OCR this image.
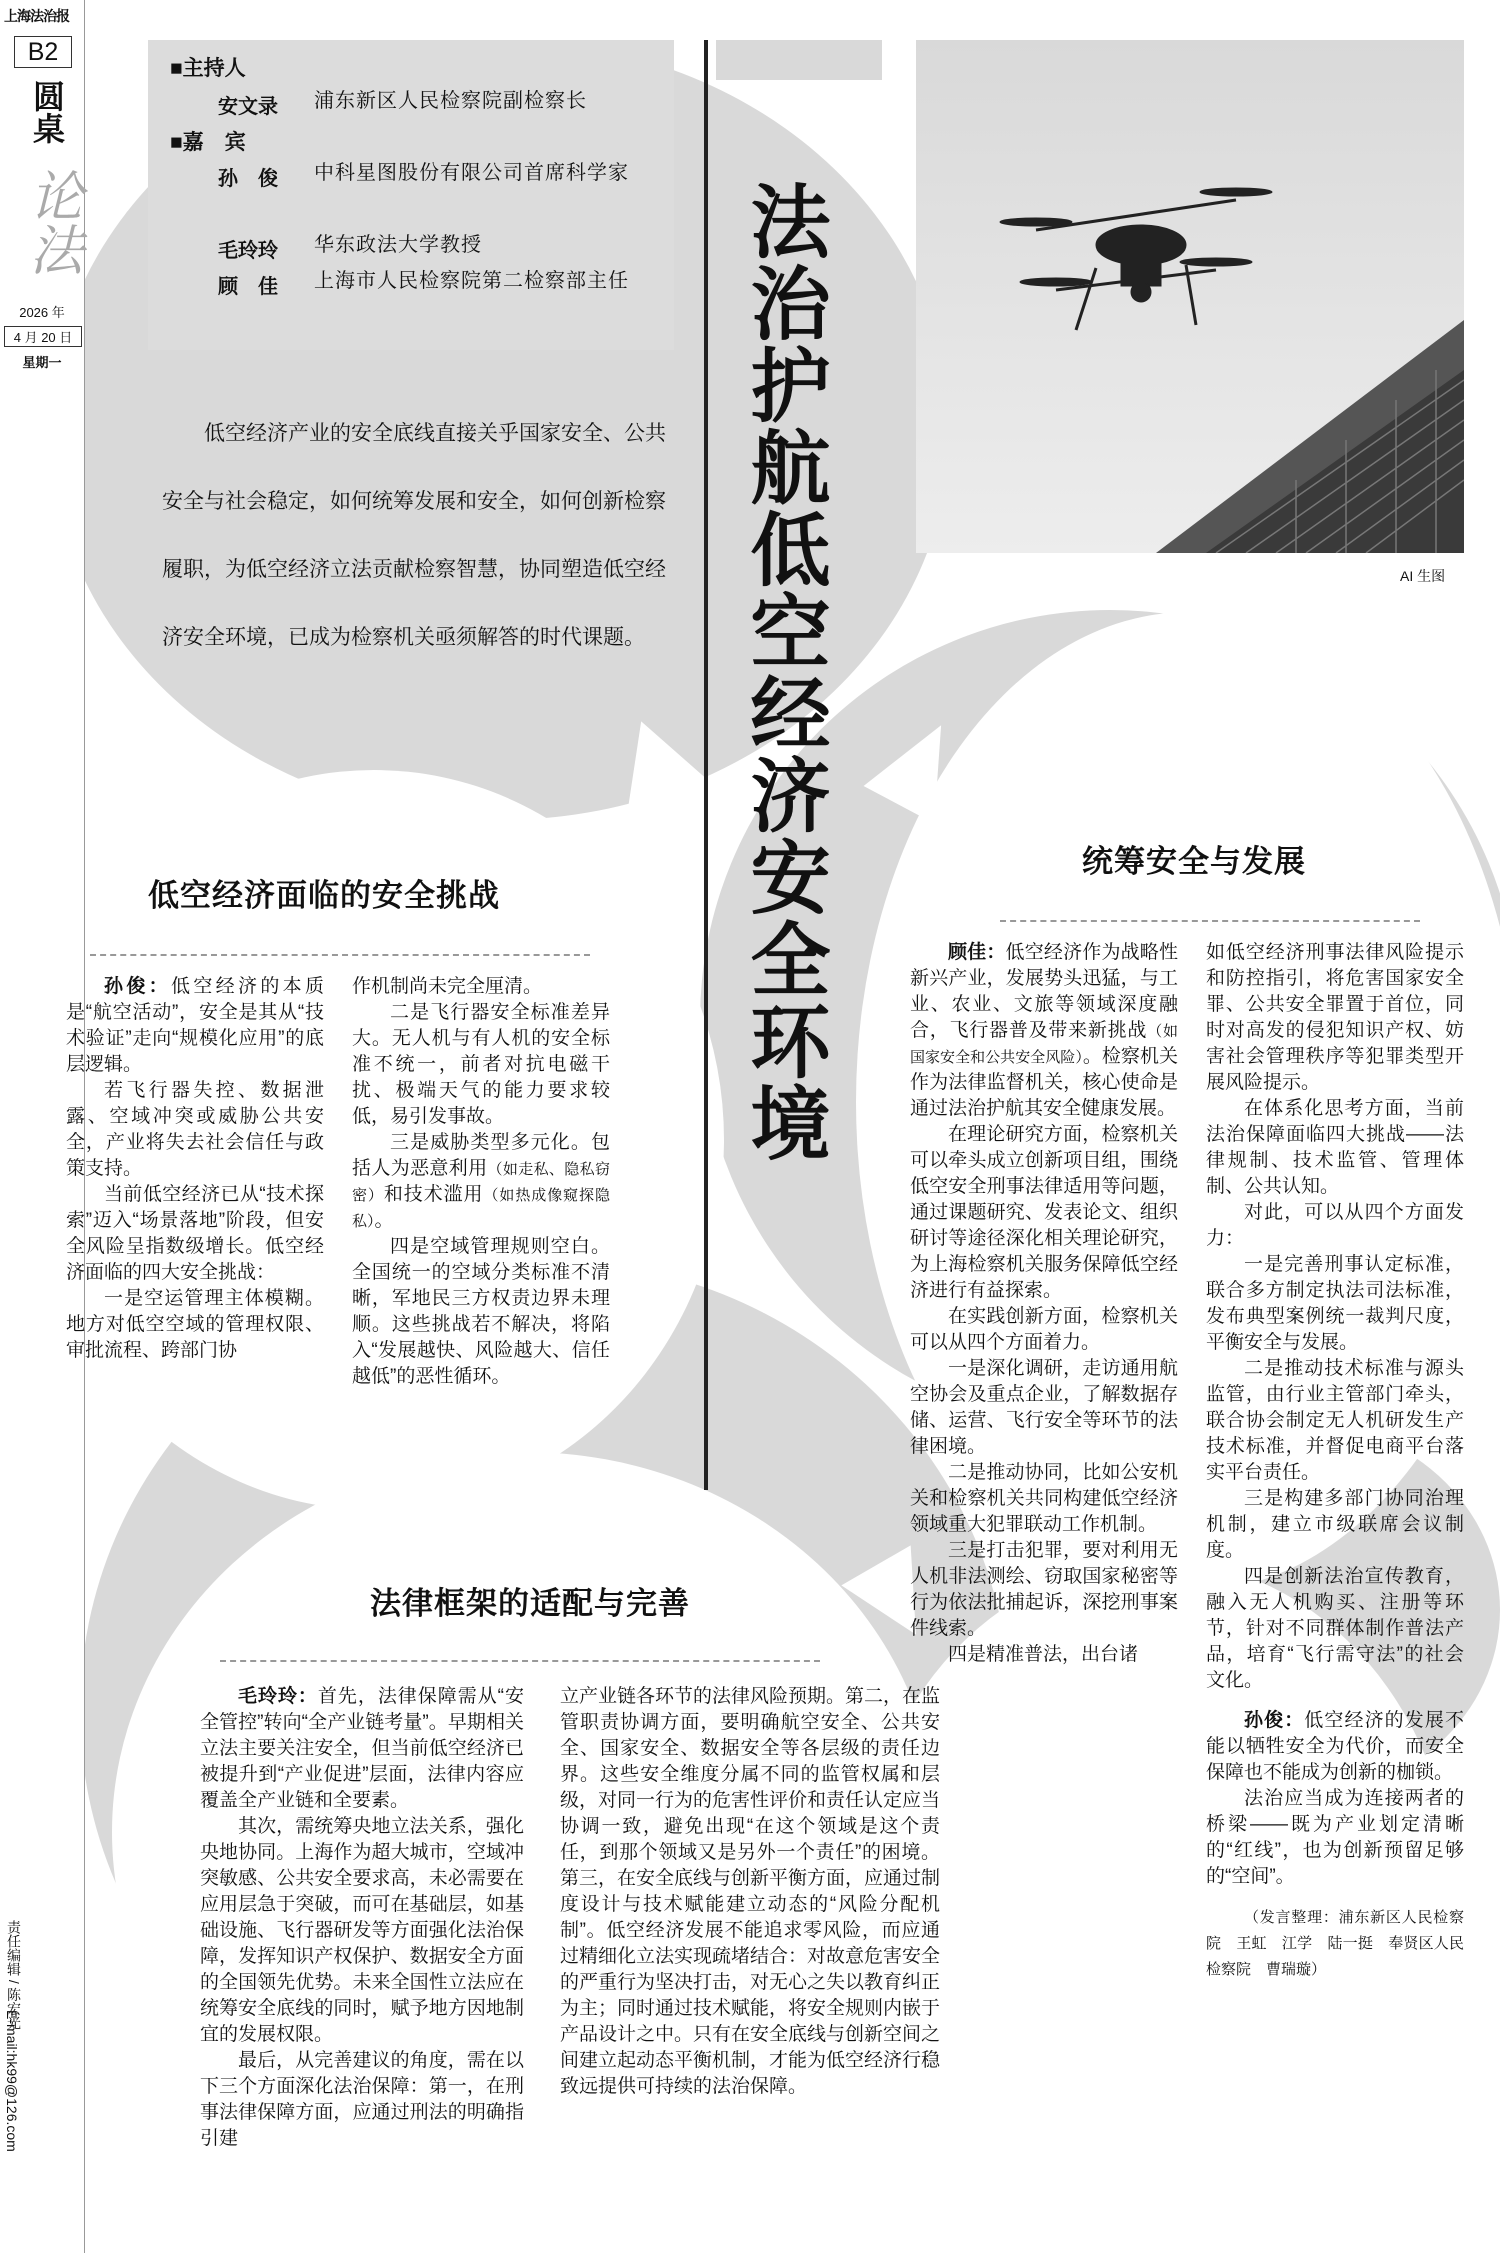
上海法治报
B2
圆桌
论法
2026 年
4 月 20 日
星期一
责任编辑 / 陈宏光
E-mail:hk99@126.com
■主持人
安文录 浦东新区人民检察院副检察长
■嘉　宾
孙　俊 中科星图股份有限公司首席科学家
毛玲玲 华东政法大学教授
顾　佳 上海市人民检察院第二检察部主任

低空经济产业的安全底线直接关乎国家安全、公共安全与社会稳定，如何统筹发展和安全，如何创新检察履职，为低空经济立法贡献检察智慧，协同塑造低空经济安全环境，已成为检察机关亟须解答的时代课题。	法治护航低空经济安全环境	AI 生图
低空经济面临的安全挑战

孙俊：低空经济的本质是“航空活动”，安全是其从“技术验证”走向“规模化应用”的底层逻辑。

若飞行器失控、数据泄露、空域冲突或威胁公共安全，产业将失去社会信任与政策支持。

当前低空经济已从“技术探索”迈入“场景落地”阶段，但安全风险呈指数级增长。低空经济面临的四大安全挑战：

一是空运管理主体模糊。地方对低空空域的管理权限、审批流程、跨部门协

作机制尚未完全厘清。

二是飞行器安全标准差异大。无人机与有人机的安全标准不统一，前者对抗电磁干扰、极端天气的能力要求较低，易引发事故。

三是威胁类型多元化。包括人为恶意利用（如走私、隐私窃密）和技术滥用（如热成像窥探隐私）。

四是空域管理规则空白。全国统一的空域分类标准不清晰，军地民三方权责边界未理顺。这些挑战若不解决，将陷入“发展越快、风险越大、信任越低”的恶性循环。

法律框架的适配与完善

毛玲玲：首先，法律保障需从“安全管控”转向“全产业链考量”。早期相关立法主要关注安全，但当前低空经济已被提升到“产业促进”层面，法律内容应覆盖全产业链和全要素。

其次，需统筹央地立法关系，强化央地协同。上海作为超大城市，空域冲突敏感、公共安全要求高，未必需要在应用层急于突破，而可在基础层，如基础设施、飞行器研发等方面强化法治保障，发挥知识产权保护、数据安全方面的全国领先优势。未来全国性立法应在统筹安全底线的同时，赋予地方因地制宜的发展权限。

最后，从完善建议的角度，需在以下三个方面深化法治保障：第一，在刑事法律保障方面，应通过刑法的明确指引建

立产业链各环节的法律风险预期。第二，在监管职责协调方面，要明确航空安全、公共安全、国家安全、数据安全等各层级的责任边界。这些安全维度分属不同的监管权属和层级，对同一行为的危害性评价和责任认定应当协调一致，避免出现“在这个领域是这个责任，到那个领域又是另外一个责任”的困境。第三，在安全底线与创新平衡方面，应通过制度设计与技术赋能建立动态的“风险分配机制”。低空经济发展不能追求零风险，而应通过精细化立法实现疏堵结合：对故意危害安全的严重行为坚决打击，对无心之失以教育纠正为主；同时通过技术赋能，将安全规则内嵌于产品设计之中。只有在安全底线与创新空间之间建立起动态平衡机制，才能为低空经济行稳致远提供可持续的法治保障。

统筹安全与发展

顾佳：低空经济作为战略性新兴产业，发展势头迅猛，与工业、农业、文旅等领域深度融合，飞行器普及带来新挑战（如国家安全和公共安全风险）。检察机关作为法律监督机关，核心使命是通过法治护航其安全健康发展。

在理论研究方面，检察机关可以牵头成立创新项目组，围绕低空安全刑事法律适用等问题，通过课题研究、发表论文、组织研讨等途径深化相关理论研究，为上海检察机关服务保障低空经济进行有益探索。

在实践创新方面，检察机关可以从四个方面着力。

一是深化调研，走访通用航空协会及重点企业，了解数据存储、运营、飞行安全等环节的法律困境。

二是推动协同，比如公安机关和检察机关共同构建低空经济领域重大犯罪联动工作机制。

三是打击犯罪，要对利用无人机非法测绘、窃取国家秘密等行为依法批捕起诉，深挖刑事案件线索。

四是精准普法，出台诸

如低空经济刑事法律风险提示和防控指引，将危害国家安全罪、公共安全罪置于首位，同时对高发的侵犯知识产权、妨害社会管理秩序等犯罪类型开展风险提示。

在体系化思考方面，当前法治保障面临四大挑战——法律规制、技术监管、管理体制、公共认知。

对此，可以从四个方面发力：

一是完善刑事认定标准，联合多方制定执法司法标准，发布典型案例统一裁判尺度，平衡安全与发展。

二是推动技术标准与源头监管，由行业主管部门牵头，联合协会制定无人机研发生产技术标准，并督促电商平台落实平台责任。

三是构建多部门协同治理机制，建立市级联席会议制度。

四是创新法治宣传教育，融入无人机购买、注册等环节，针对不同群体制作普法产品，培育“飞行需守法”的社会文化。

孙俊：低空经济的发展不能以牺牲安全为代价，而安全保障也不能成为创新的枷锁。

法治应当成为连接两者的桥梁——既为产业划定清晰的“红线”，也为创新预留足够的“空间”。

（发言整理：浦东新区人民检察院　王虹　江学　陆一挺　奉贤区人民检察院　曹瑞璇）
